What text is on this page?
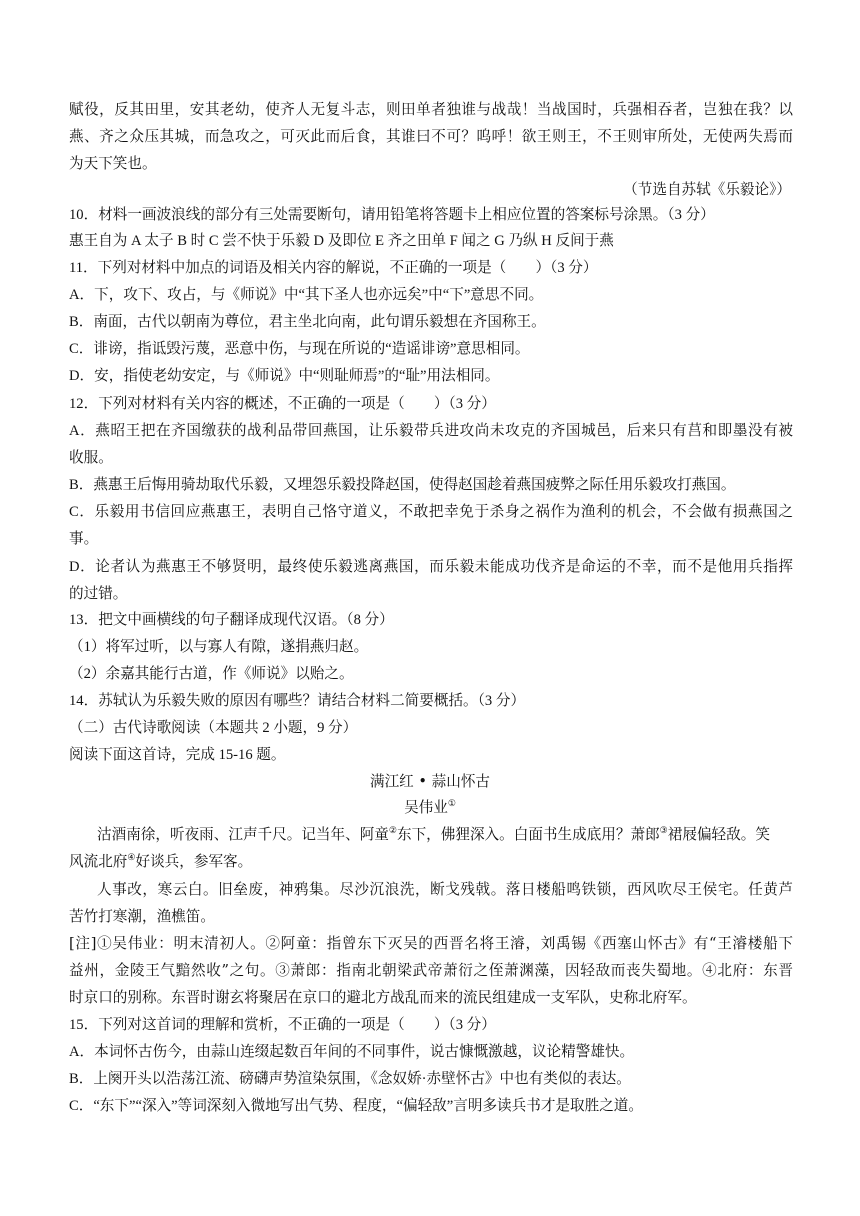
赋役，反其田里，安其老幼，使齐人无复斗志，则田单者独谁与战哉！当战国时，兵强相吞者，岂独在我？以
燕、齐之众压其城，而急攻之，可灭此而后食，其谁曰不可？呜呼！欲王则王，不王则审所处，无使两失焉而
为天下笑也。
（节选自苏轼《乐毅论》）
10．材料一画波浪线的部分有三处需要断句，请用铅笔将答题卡上相应位置的答案标号涂黑。（3 分）
惠王自为 A 太子 B 时 C 尝不快于乐毅 D 及即位 E 齐之田单 F 闻之 G 乃纵 H 反间于燕
11．下列对材料中加点的词语及相关内容的解说，不正确的一项是（　　）（3 分）
A．下，攻下、攻占，与《师说》中“其下圣人也亦远矣”中“下”意思不同。
B．南面，古代以朝南为尊位，君主坐北向南，此句谓乐毅想在齐国称王。
C．诽谤，指诋毁污蔑，恶意中伤，与现在所说的“造谣诽谤”意思相同。
D．安，指使老幼安定，与《师说》中“则耻师焉”的“耻”用法相同。
12．下列对材料有关内容的概述，不正确的一项是（　　）（3 分）
A．燕昭王把在齐国缴获的战利品带回燕国，让乐毅带兵进攻尚未攻克的齐国城邑，后来只有莒和即墨没有被
收服。
B．燕惠王后悔用骑劫取代乐毅，又埋怨乐毅投降赵国，使得赵国趁着燕国疲弊之际任用乐毅攻打燕国。
C．乐毅用书信回应燕惠王，表明自己恪守道义，不敢把幸免于杀身之祸作为渔利的机会，不会做有损燕国之
事。
D．论者认为燕惠王不够贤明，最终使乐毅逃离燕国，而乐毅未能成功伐齐是命运的不幸，而不是他用兵指挥
的过错。
13．把文中画横线的句子翻译成现代汉语。（8 分）
（1）将军过听，以与寡人有隙，遂捐燕归赵。
（2）余嘉其能行古道，作《师说》以贻之。
14．苏轼认为乐毅失败的原因有哪些？请结合材料二简要概括。（3 分）
（二）古代诗歌阅读（本题共 2 小题，9 分）
阅读下面这首诗，完成 15-16 题。
满江红 • 蒜山怀古
吴伟业①
沽酒南徐，听夜雨、江声千尺。记当年、阿童②东下，佛狸深入。白面书生成底用？萧郎③裙屐偏轻敌。笑
风流北府④好谈兵，参军客。
人事改，寒云白。旧垒废，神鸦集。尽沙沉浪洗，断戈残戟。落日楼船鸣铁锁，西风吹尽王侯宅。任黄芦
苦竹打寒潮，渔樵笛。
[注]①吴伟业：明末清初人。②阿童：指曾东下灭吴的西晋名将王濬，刘禹锡《西塞山怀古》有“王濬楼船下
益州，金陵王气黯然收”之句。③萧郎：指南北朝梁武帝萧衍之侄萧渊藻，因轻敌而丧失蜀地。④北府：东晋
时京口的别称。东晋时谢玄将聚居在京口的避北方战乱而来的流民组建成一支军队，史称北府军。
15．下列对这首词的理解和赏析，不正确的一项是（　　）（3 分）
A．本词怀古伤今，由蒜山连缀起数百年间的不同事件，说古慷慨激越，议论精警雄快。
B．上阕开头以浩荡江流、磅礴声势渲染氛围，《念奴娇·赤壁怀古》中也有类似的表达。
C．“东下”“深入”等词深刻入微地写出气势、程度，“偏轻敌”言明多读兵书才是取胜之道。
